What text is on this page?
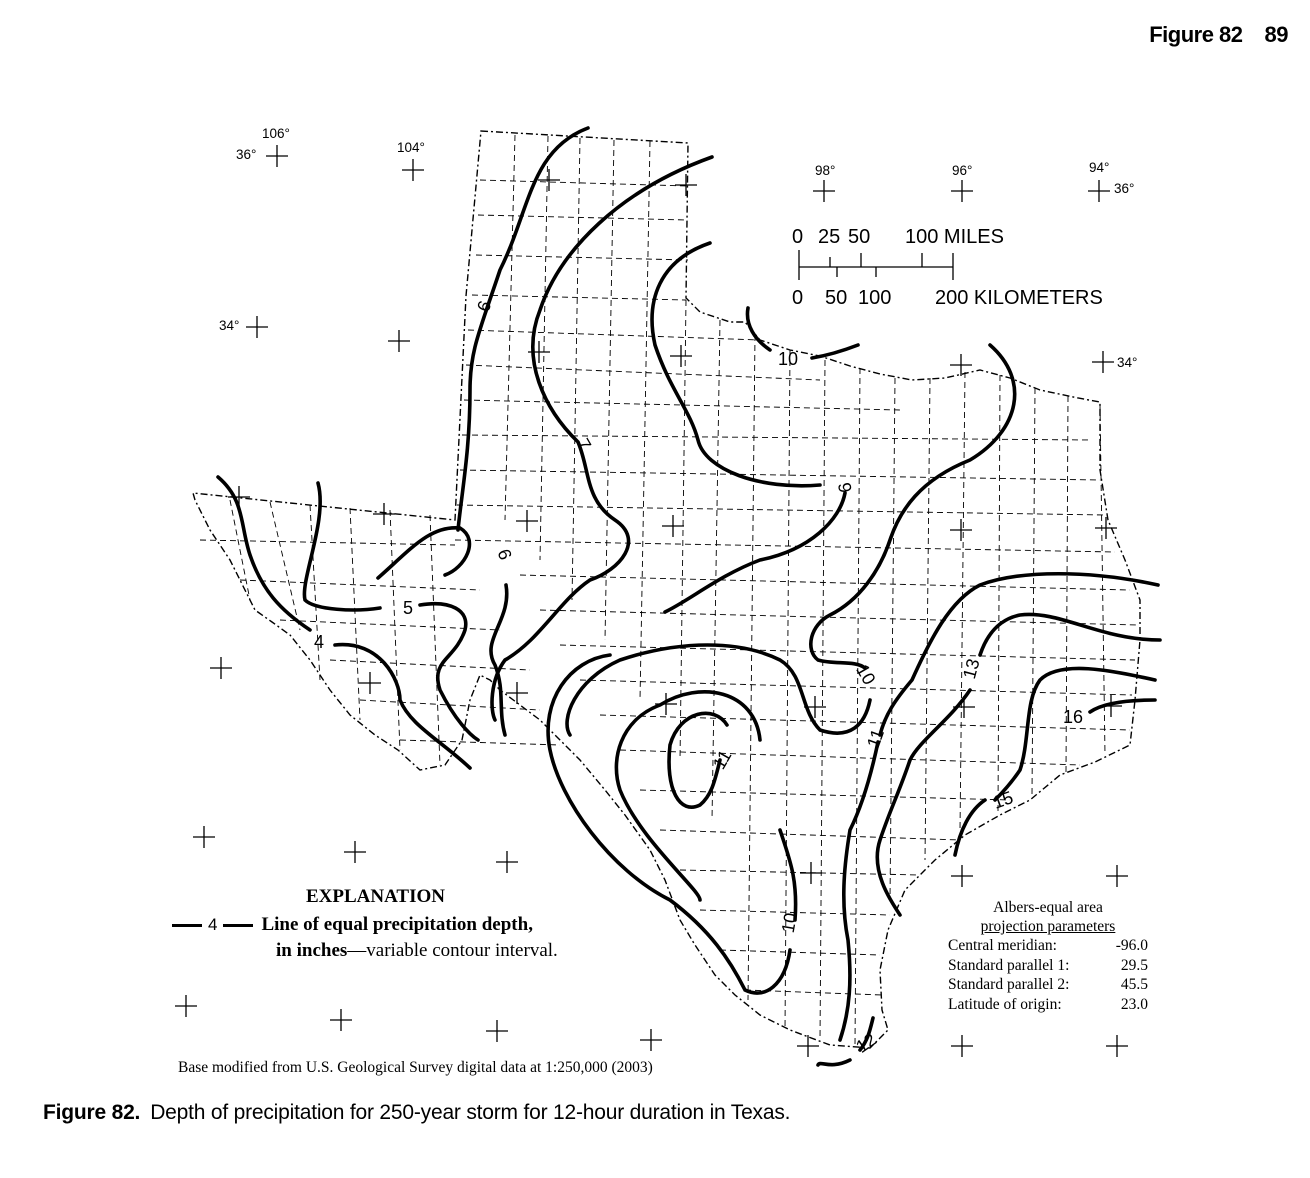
Figure 82 89
106°
36°	104°
98°	96°	94°
36°
34°
34°
0 25 50 100 MILES
0 50 100 200 KILOMETERS
4
5
6
6
7
9
10
10
10
11
11
12
13
15
16
EXPLANATION
4 Line of equal precipitation depth,
in inches—variable contour interval.
Albers-equal area
projection parameters
Central meridian:	-96.0
Standard parallel 1:	29.5
Standard parallel 2:	45.5
Latitude of origin:	23.0
Base modified from U.S. Geological Survey digital data at 1:250,000 (2003)
Figure 82. Depth of precipitation for 250-year storm for 12-hour duration in Texas.
